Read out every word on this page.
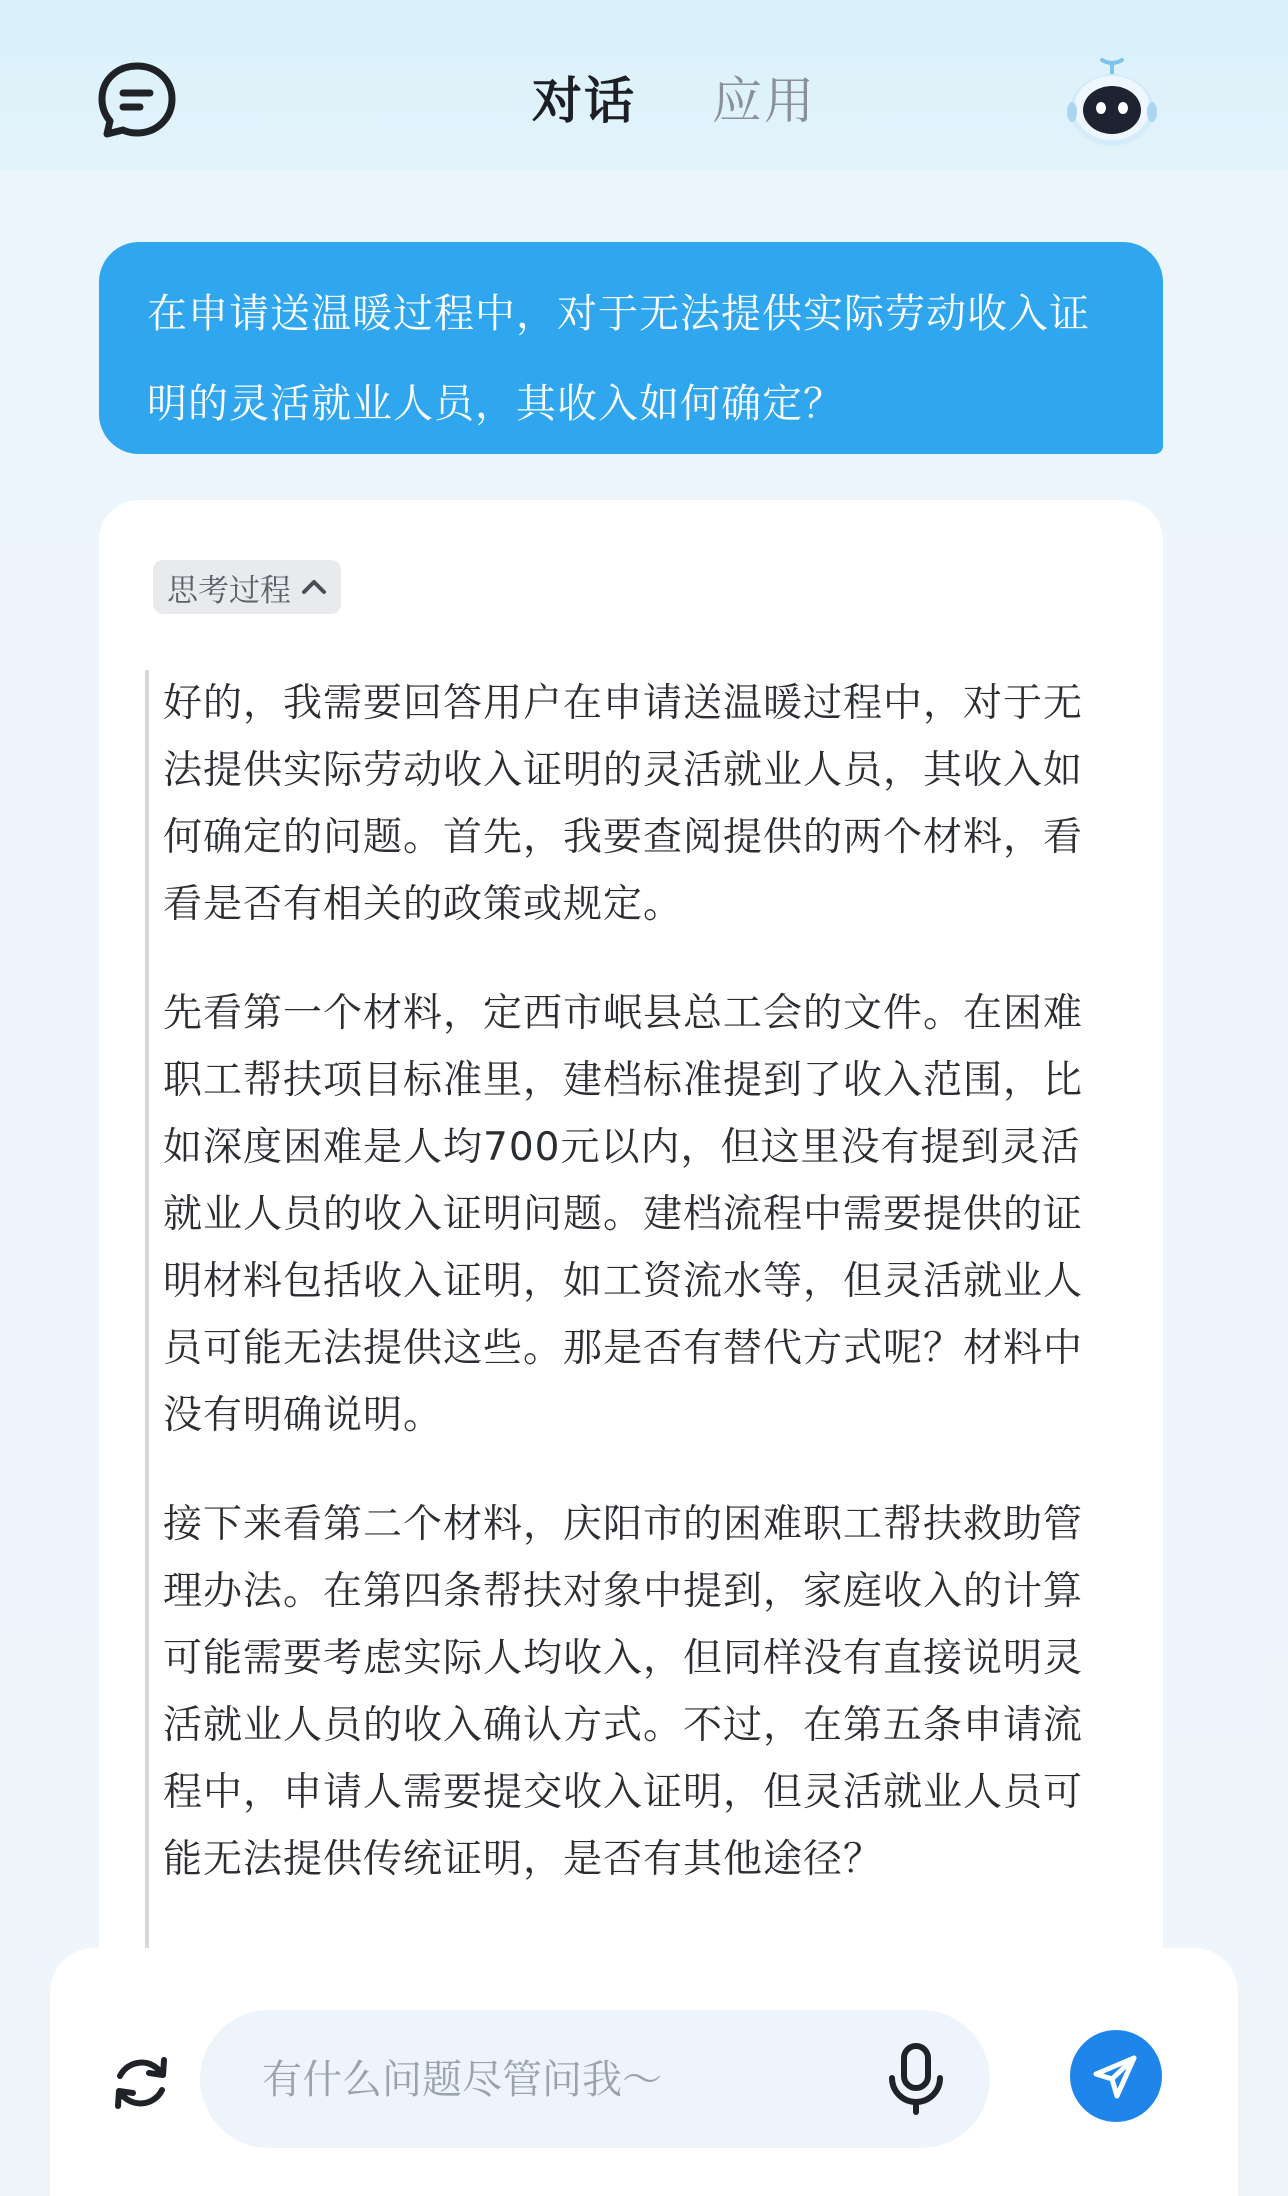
对话 应用
在申请送温暖过程中，对于无法提供实际劳动收入证
明的灵活就业人员，其收入如何确定？
思考过程
好的，我需要回答用户在申请送温暖过程中，对于无
法提供实际劳动收入证明的灵活就业人员，其收入如
何确定的问题。首先，我要查阅提供的两个材料，看
看是否有相关的政策或规定。
先看第一个材料，定西市岷县总工会的文件。在困难
职工帮扶项目标准里，建档标准提到了收入范围，比
如深度困难是人均700元以内，但这里没有提到灵活
就业人员的收入证明问题。建档流程中需要提供的证
明材料包括收入证明，如工资流水等，但灵活就业人
员可能无法提供这些。那是否有替代方式呢？材料中
没有明确说明。
接下来看第二个材料，庆阳市的困难职工帮扶救助管
理办法。在第四条帮扶对象中提到，家庭收入的计算
可能需要考虑实际人均收入，但同样没有直接说明灵
活就业人员的收入确认方式。不过，在第五条申请流
程中，申请人需要提交收入证明，但灵活就业人员可
能无法提供传统证明，是否有其他途径？
有什么问题尽管问我～
